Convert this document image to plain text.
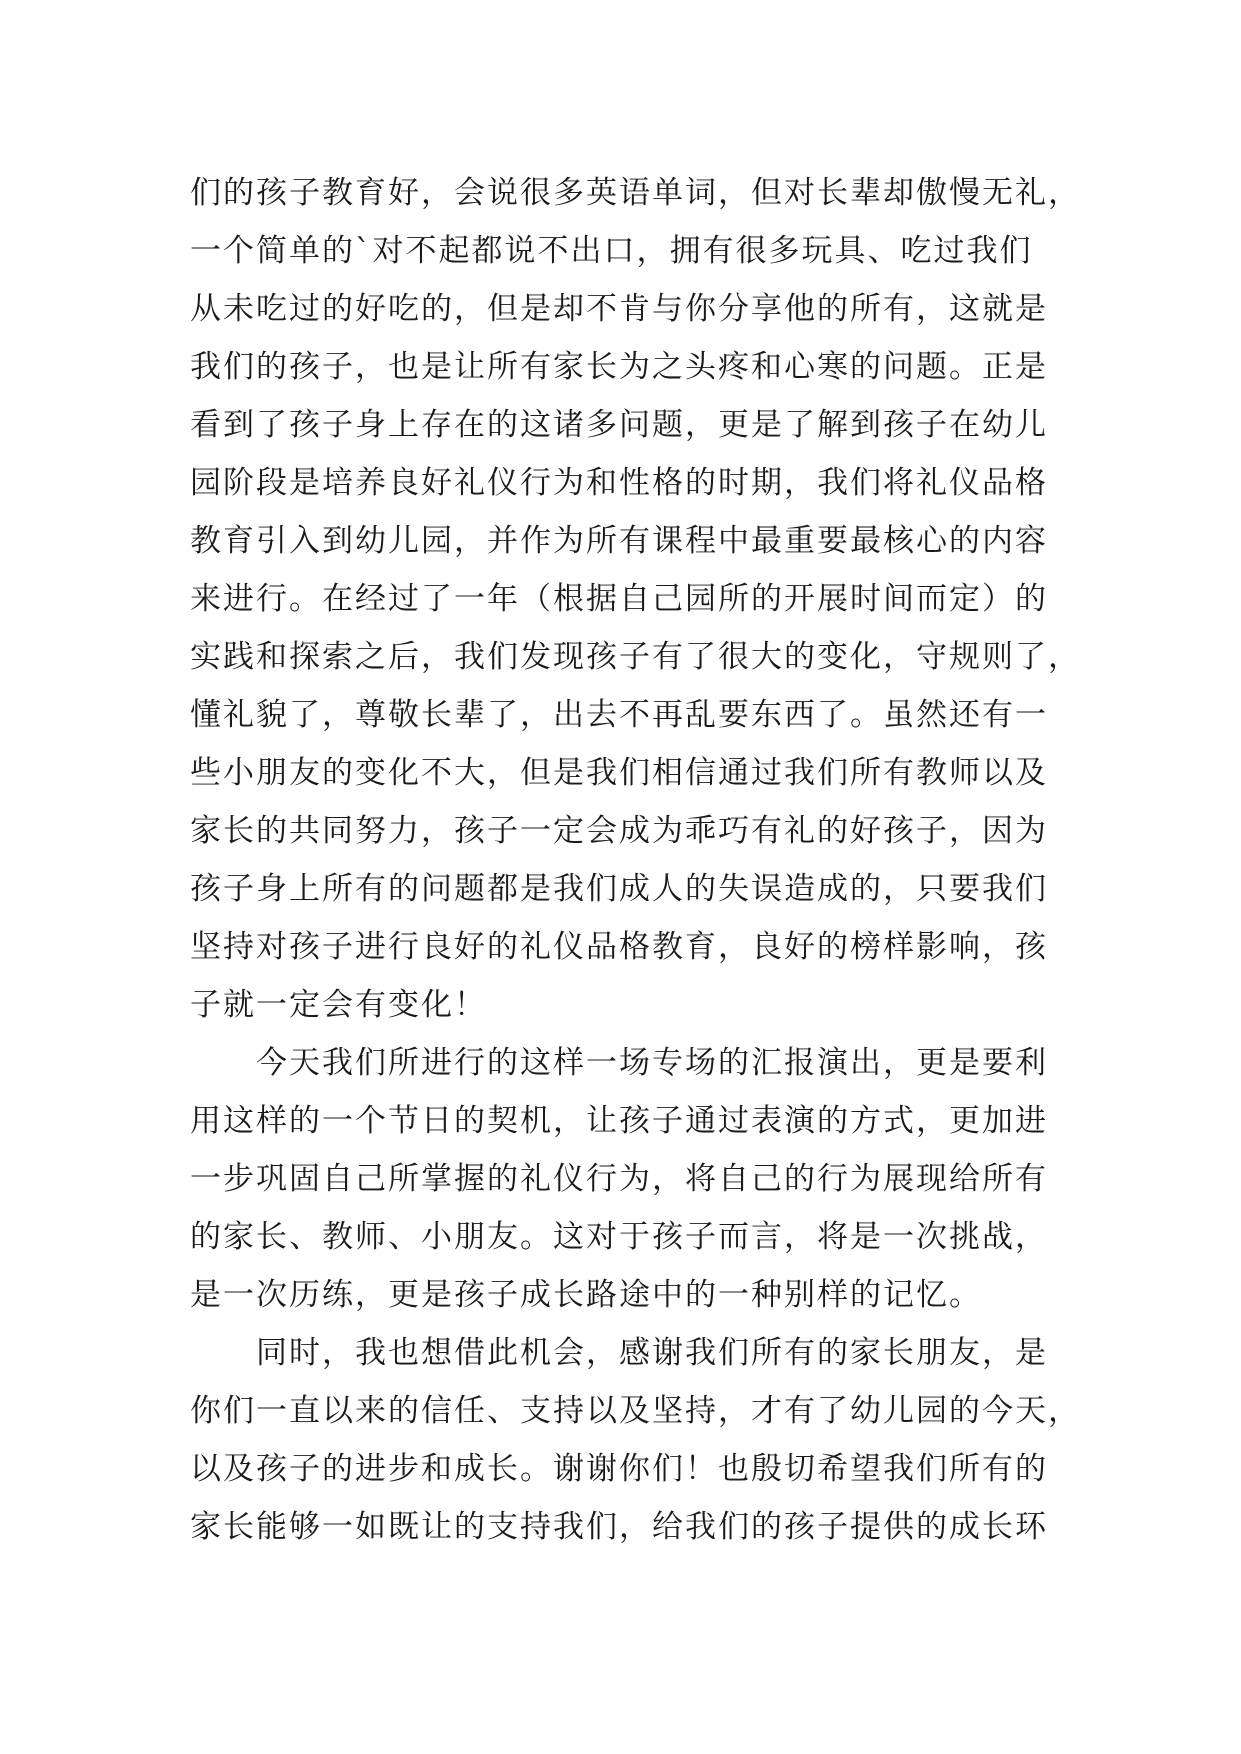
们的孩子教育好，会说很多英语单词，但对长辈却傲慢无礼，
一个简单的`对不起都说不出口，拥有很多玩具、吃过我们
从未吃过的好吃的，但是却不肯与你分享他的所有，这就是
我们的孩子，也是让所有家长为之头疼和心寒的问题。正是
看到了孩子身上存在的这诸多问题，更是了解到孩子在幼儿
园阶段是培养良好礼仪行为和性格的时期，我们将礼仪品格
教育引入到幼儿园，并作为所有课程中最重要最核心的内容
来进行。在经过了一年（根据自己园所的开展时间而定）的
实践和探索之后，我们发现孩子有了很大的变化，守规则了，
懂礼貌了，尊敬长辈了，出去不再乱要东西了。虽然还有一
些小朋友的变化不大，但是我们相信通过我们所有教师以及
家长的共同努力，孩子一定会成为乖巧有礼的好孩子，因为
孩子身上所有的问题都是我们成人的失误造成的，只要我们
坚持对孩子进行良好的礼仪品格教育，良好的榜样影响，孩
子就一定会有变化！
　　今天我们所进行的这样一场专场的汇报演出，更是要利
用这样的一个节日的契机，让孩子通过表演的方式，更加进
一步巩固自己所掌握的礼仪行为，将自己的行为展现给所有
的家长、教师、小朋友。这对于孩子而言，将是一次挑战，
是一次历练，更是孩子成长路途中的一种别样的记忆。
　　同时，我也想借此机会，感谢我们所有的家长朋友，是
你们一直以来的信任、支持以及坚持，才有了幼儿园的今天，
以及孩子的进步和成长。谢谢你们！也殷切希望我们所有的
家长能够一如既让的支持我们，给我们的孩子提供的成长环
